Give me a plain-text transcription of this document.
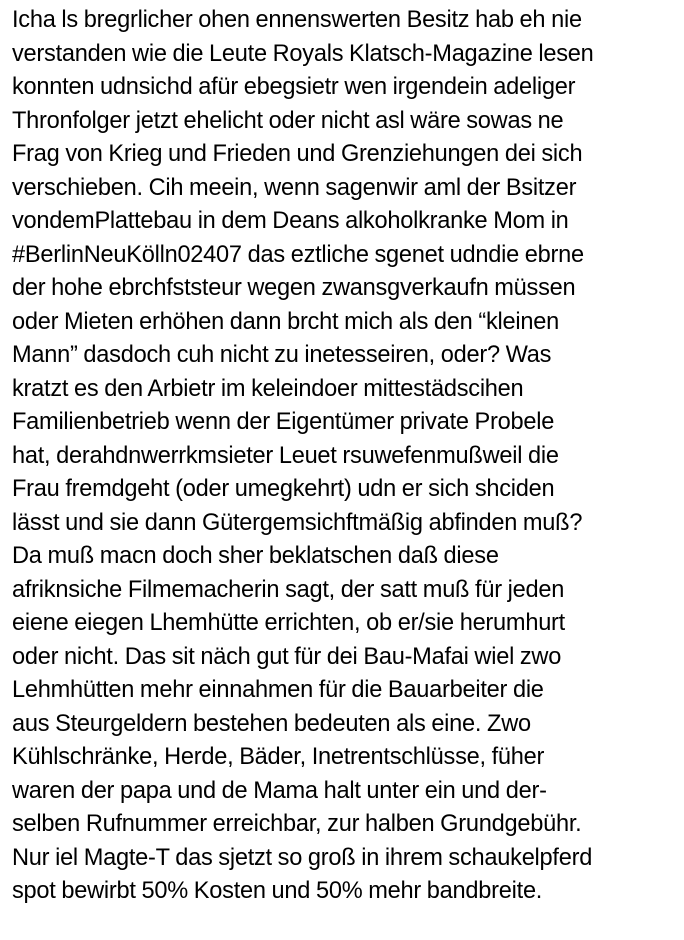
Icha ls bregrlicher ohen ennenswerten Besitz hab eh nie
verstanden wie die Leute Royals Klatsch-Magazine lesen
konnten udnsichd afür ebegsietr wen irgendein adeliger
Thronfolger jetzt ehelicht oder nicht asl wäre sowas ne
Frag von Krieg und Frieden und Grenziehungen dei sich
verschieben. Cih meein, wenn sagenwir aml der Bsitzer
vondemPlattebau in dem Deans alkoholkranke Mom in
#BerlinNeuKölln02407 das eztliche sgenet udndie ebrne
der hohe ebrchfststeur wegen zwansgverkaufn müssen
oder Mieten erhöhen dann brcht mich als den “kleinen
Mann” dasdoch cuh nicht zu inetesseiren, oder? Was
kratzt es den Arbietr im keleindoer mittestädscihen
Familienbetrieb wenn der Eigentümer private Probele
hat, derahdnwerrkmsieter Leuet rsuwefenmußweil die
Frau fremdgeht (oder umegkehrt) udn er sich shciden
lässt und sie dann Gütergemsichftmäßig abfinden muß?
Da muß macn doch sher beklatschen daß diese
afriknsiche Filmemacherin sagt, der satt muß für jeden
eiene eiegen Lhemhütte errichten, ob er/sie herumhurt
oder nicht. Das sit näch gut für dei Bau-Mafai wiel zwo
Lehmhütten mehr einnahmen für die Bauarbeiter die
aus Steurgeldern bestehen bedeuten als eine. Zwo
Kühlschränke, Herde, Bäder, Inetrentschlüsse, füher
waren der papa und de Mama halt unter ein und der-
selben Rufnummer erreichbar, zur halben Grundgebühr.
Nur iel Magte-T das sjetzt so groß in ihrem schaukelpferd
spot bewirbt 50% Kosten und 50% mehr bandbreite.
